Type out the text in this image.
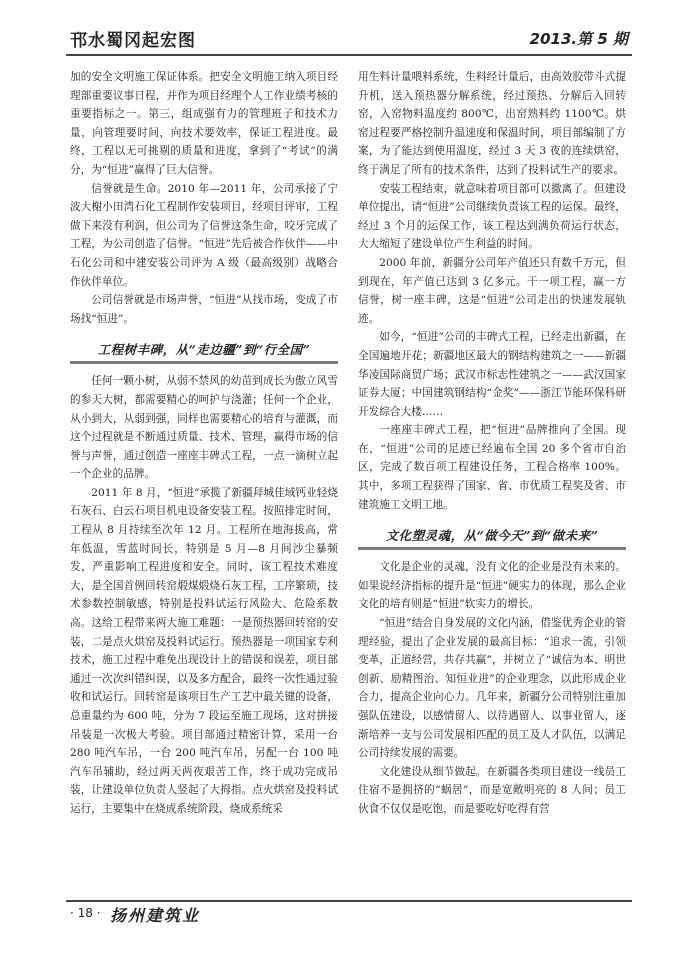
邗水蜀冈起宏图	2013.第 5 期

加的安全文明施工保证体系。把安全文明施工纳入项目经理部重要议事日程，并作为项目经理个人工作业绩考核的重要指标之一。第三，组成强有力的管理班子和技术力量，向管理要时间，向技术要效率，保证工程进度。最终，工程以无可挑剔的质量和进度，拿到了“考试”的满分，为“恒进”赢得了巨大信誉。

信誉就是生命。2010 年—2011 年，公司承接了宁波大榭小田湾石化工程制作安装项目，经项目评审，工程做下来没有利润，但公司为了信誉这条生命，咬牙完成了工程，为公司创造了信誉。“恒进”先后被合作伙伴——中石化公司和中建安装公司评为 A 级（最高级别）战略合作伙伴单位。

公司信誉就是市场声誉，“恒进”从找市场，变成了市场找“恒进”。

工程树丰碑，从“走边疆”到“行全国”

任何一颗小树，从弱不禁风的幼苗到成长为傲立风雪的参天大树，都需要精心的呵护与浇灌；任何一个企业，从小到大，从弱到强，同样也需要精心的培育与灌溉，而这个过程就是不断通过质量、技术、管理，赢得市场的信誉与声誉，通过创造一座座丰碑式工程，一点一滴树立起一个企业的品牌。

2011 年 8 月，“恒进”承揽了新疆拜城佳域钙业轻烧石灰石、白云石项目机电设备安装工程。按照排定时间，工程从 8 月持续至次年 12 月。工程所在地海拔高，常年低温，雪蓝时间长，特别是 5 月—8 月间沙尘暴频发，严重影响工程进度和安全。同时，该工程技术难度大，是全国首例回转窑煅煤煅烧石灰工程，工序繁琐，技术参数控制敏感，特别是投料试运行风险大、危险系数高。这给工程带来两大施工难题：一是预热器回转窑的安装，二是点火烘窑及投料试运行。预热器是一项国家专利技术，施工过程中难免出现设计上的错误和误差，项目部通过一次次纠错纠误，以及多方配合，最终一次性通过验收和试运行。回转窑是该项目生产工艺中最关键的设备，总重量约为 600 吨，分为 7 段运至施工现场，这对拼接吊装是一次极大考验。项目部通过精密计算，采用一台 280 吨汽车吊，一台 200 吨汽车吊，另配一台 100 吨汽车吊辅助，经过两天两夜艰苦工作，终于成功完成吊装，让建设单位负责人竖起了大拇指。点火烘窑及投料试运行，主要集中在烧成系统阶段，烧成系统采

用生料计量喂料系统，生料经计量后，由高效胶带斗式提升机，送入预热器分解系统，经过预热、分解后入回转窑，入窑物料温度约 800℃，出窑熟料约 1100℃。烘窑过程要严格控制升温速度和保温时间，项目部编制了方案，为了能达到使用温度，经过 3 天 3 夜的连续烘窑，终于满足了所有的技术条件，达到了投料试生产的要求。

安装工程结束，就意味着项目部可以撤离了。但建设单位提出，请“恒进”公司继续负责该工程的运保。最终，经过 3 个月的运保工作，该工程达到满负荷运行状态，大大缩短了建设单位产生利益的时间。

2000 年前，新疆分公司年产值还只有数千万元，但到现在，年产值已达到 3 亿多元。干一项工程，赢一方信誉，树一座丰碑，这是“恒进”公司走出的快速发展轨迹。

如今，“恒进”公司的丰碑式工程，已经走出新疆，在全国遍地开花；新疆地区最大的钢结构建筑之一——新疆华凌国际商贸广场；武汉市标志性建筑之一——武汉国家证券大厦；中国建筑钢结构“金奖”——浙江节能环保科研开发综合大楼……

一座座丰碑式工程，把“恒进”品牌推向了全国。现在，“恒进”公司的足迹已经遍布全国 20 多个省市自治区，完成了数百项工程建设任务，工程合格率 100%。其中，多项工程获得了国家、省、市优质工程奖及省、市建筑施工文明工地。

文化塑灵魂，从“做今天”到“做未来”

文化是企业的灵魂，没有文化的企业是没有未来的。如果说经济指标的提升是“恒进”硬实力的体现，那么企业文化的培育则是“恒进”软实力的增长。

“恒进”结合自身发展的文化内涵，借鉴优秀企业的管理经验，提出了企业发展的最高目标：“追求一流，引领变革，正道经营，共存共赢”，并树立了“诚信为本、明世创新、励精图治、知恒业进”的企业理念，以此形成企业合力，提高企业向心力。几年来，新疆分公司特别注重加强队伍建设，以感情留人、以待遇留人、以事业留人，逐渐培养一支与公司发展相匹配的员工及人才队伍，以满足公司持续发展的需要。

文化建设从细节做起。在新疆各类项目建设一线员工住宿不是拥挤的“蜗居”，而是宽敞明亮的 8 人间；员工伙食不仅仅是吃饱，而是要吃好吃得有营

· 18 · 扬州建筑业
